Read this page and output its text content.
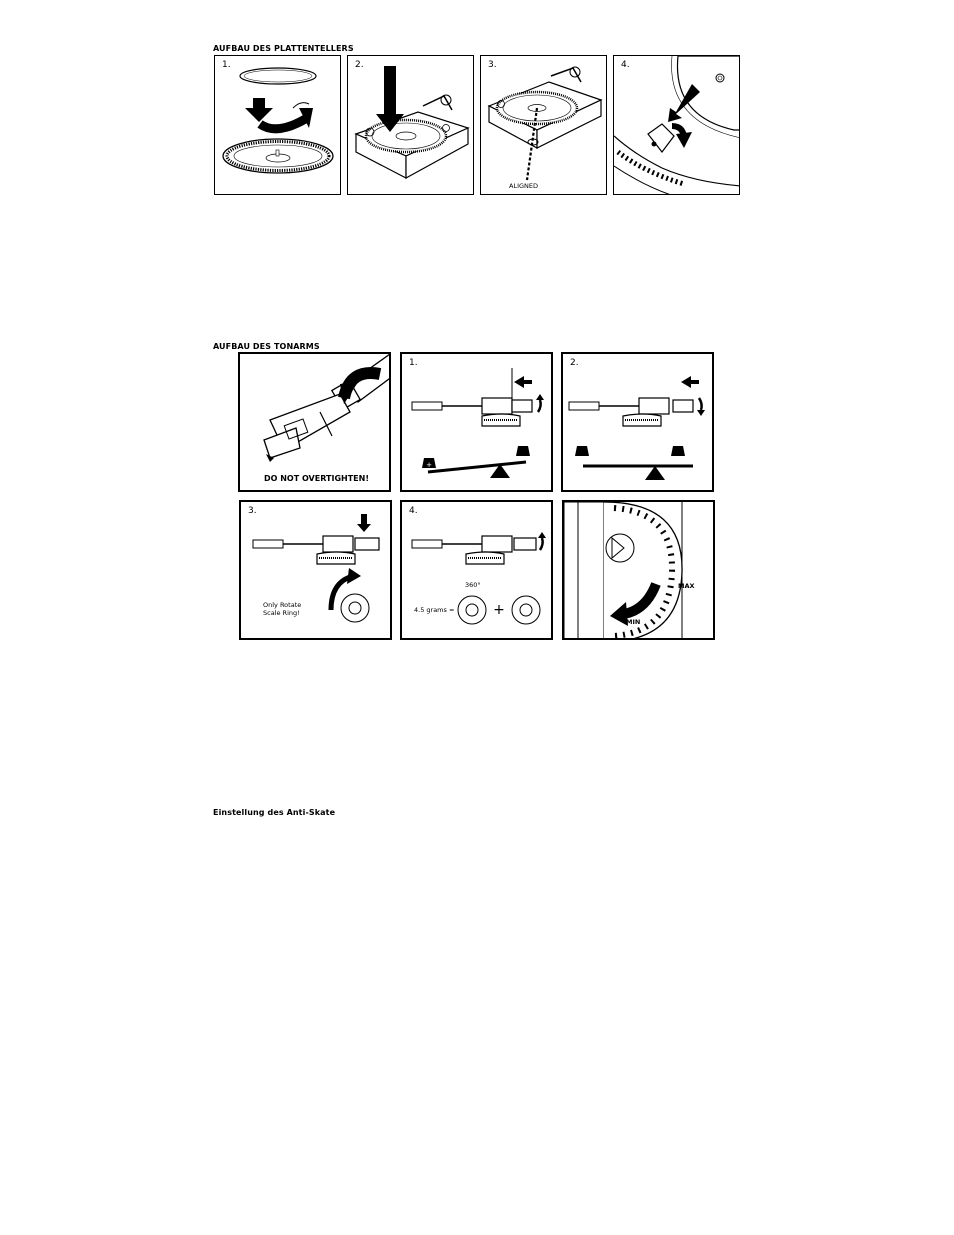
AUFBAU DES PLATTENTELLERS
1.	2.	3.
ALIGNED
4.
AUFBAU DES TONARMS
DO NOT OVERTIGHTEN!
1.
+
2.
3.
Only Rotate
Scale Ring!
4.
+
360°
4.5 grams =
MAX
MIN
Einstellung des Anti-Skate
